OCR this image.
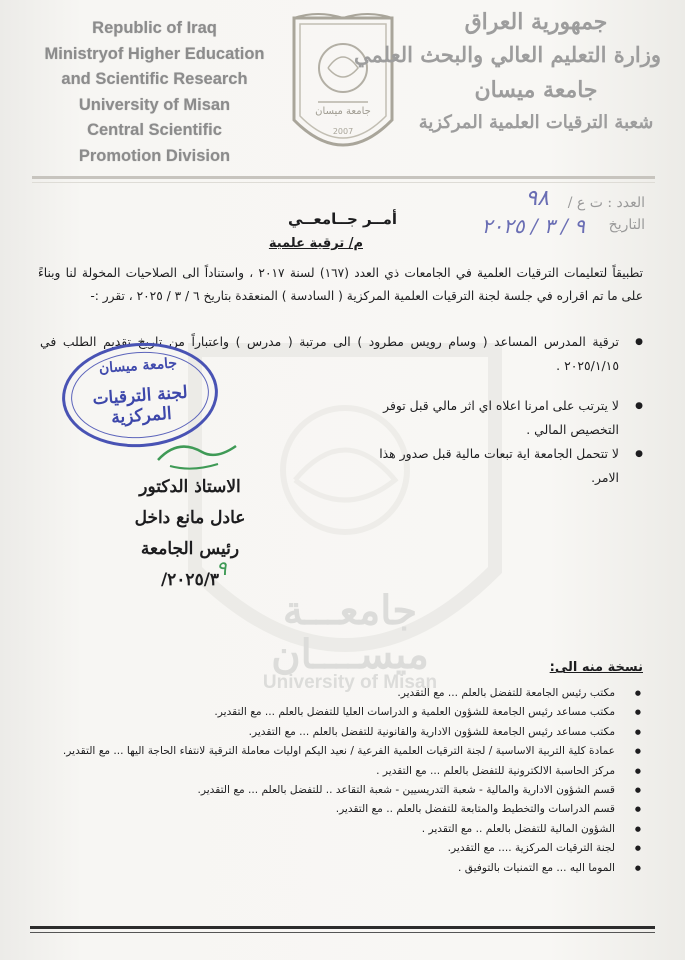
Republic of Iraq
Ministryof Higher Education
and Scientific Research
University of Misan
Central Scientific
Promotion Division
جامعة ميسان
2007
جمهورية العراق
وزارة التعليم العالي والبحث العلمي
جامعة ميسان
شعبة الترقيات العلمية المركزية
جامعـــة
ميســــان
University of Misan
العدد : ت ع /
٩٨
التاريخ
٩ / ٣ / ٢٠٢٥
أمــر جــامعــي
م/ ترقية علمية
تطبيقاً لتعليمات الترقيات العلمية في الجامعات ذي العدد (١٦٧) لسنة ٢٠١٧ ، واستناداً الى الصلاحيات المخولة لنا وبناءً
على ما تم اقراره في جلسة لجنة الترقيات العلمية المركزية ( السادسة ) المنعقدة بتاريخ ٦ / ٣ / ٢٠٢٥ ، تقرر :-
● ترقية المدرس المساعد ( وسام رويس مطرود ) الى مرتبة ( مدرس ) واعتباراً من تاريخ تقديم الطلب في
٢٠٢٥/١/١٥ .
● لا يترتب على امرنا اعلاه اي اثر مالي قبل توفر التخصيص المالي .
● لا تتحمل الجامعة اية تبعات مالية قبل صدور هذا الامر.
جامعة ميسان
لجنة الترقيات المركزية
الاستاذ الدكتور
عادل مانع داخل
رئيس الجامعة
٢٠٢٥/٣/
٩
نسخة منه الى:
● مكتب رئيس الجامعة للتفضل بالعلم ... مع التقدير.
● مكتب مساعد رئيس الجامعة للشؤون العلمية و الدراسات العليا للتفضل بالعلم ... مع التقدير.
● مكتب مساعد رئيس الجامعة للشؤون الادارية والقانونية للتفضل بالعلم ... مع التقدير.
● عمادة كلية التربية الاساسية / لجنة الترقيات العلمية الفرعية / نعيد اليكم اوليات معاملة الترقية لانتفاء الحاجة اليها ... مع التقدير.
● مركز الحاسبة الالكترونية للتفضل بالعلم ... مع التقدير .
● قسم الشؤون الادارية والمالية - شعبة التدريسيين - شعبة التقاعد .. للتفضل بالعلم ... مع التقدير.
● قسم الدراسات والتخطيط والمتابعة للتفضل بالعلم .. مع التقدير.
● الشؤون المالية للتفضل بالعلم .. مع التقدير .
● لجنة الترقيات المركزية .... مع التقدير.
● الموما اليه ... مع التمنيات بالتوفيق .
